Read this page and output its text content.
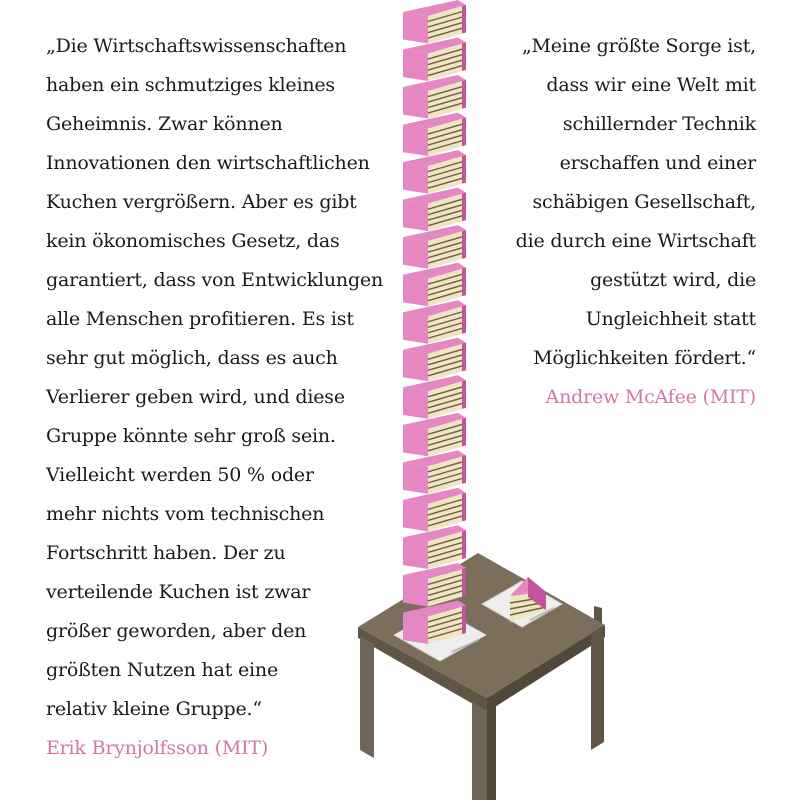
„Die Wirtschaftswissenschaften
haben ein schmutziges kleines
Geheimnis. Zwar können
Innovationen den wirtschaftlichen
Kuchen vergrößern. Aber es gibt
kein ökonomisches Gesetz, das
garantiert, dass von Entwicklungen
alle Menschen profitieren. Es ist
sehr gut möglich, dass es auch
Verlierer geben wird, und diese
Gruppe könnte sehr groß sein.
Vielleicht werden 50 % oder
mehr nichts vom technischen
Fortschritt haben. Der zu
verteilende Kuchen ist zwar
größer geworden, aber den
größten Nutzen hat eine
relativ kleine Gruppe.“
Erik Brynjolfsson (MIT)
„Meine größte Sorge ist,
dass wir eine Welt mit
schillernder Technik
erschaffen und einer
schäbigen Gesellschaft,
die durch eine Wirtschaft
gestützt wird, die
Ungleichheit statt
Möglichkeiten fördert.“
Andrew McAfee (MIT)
